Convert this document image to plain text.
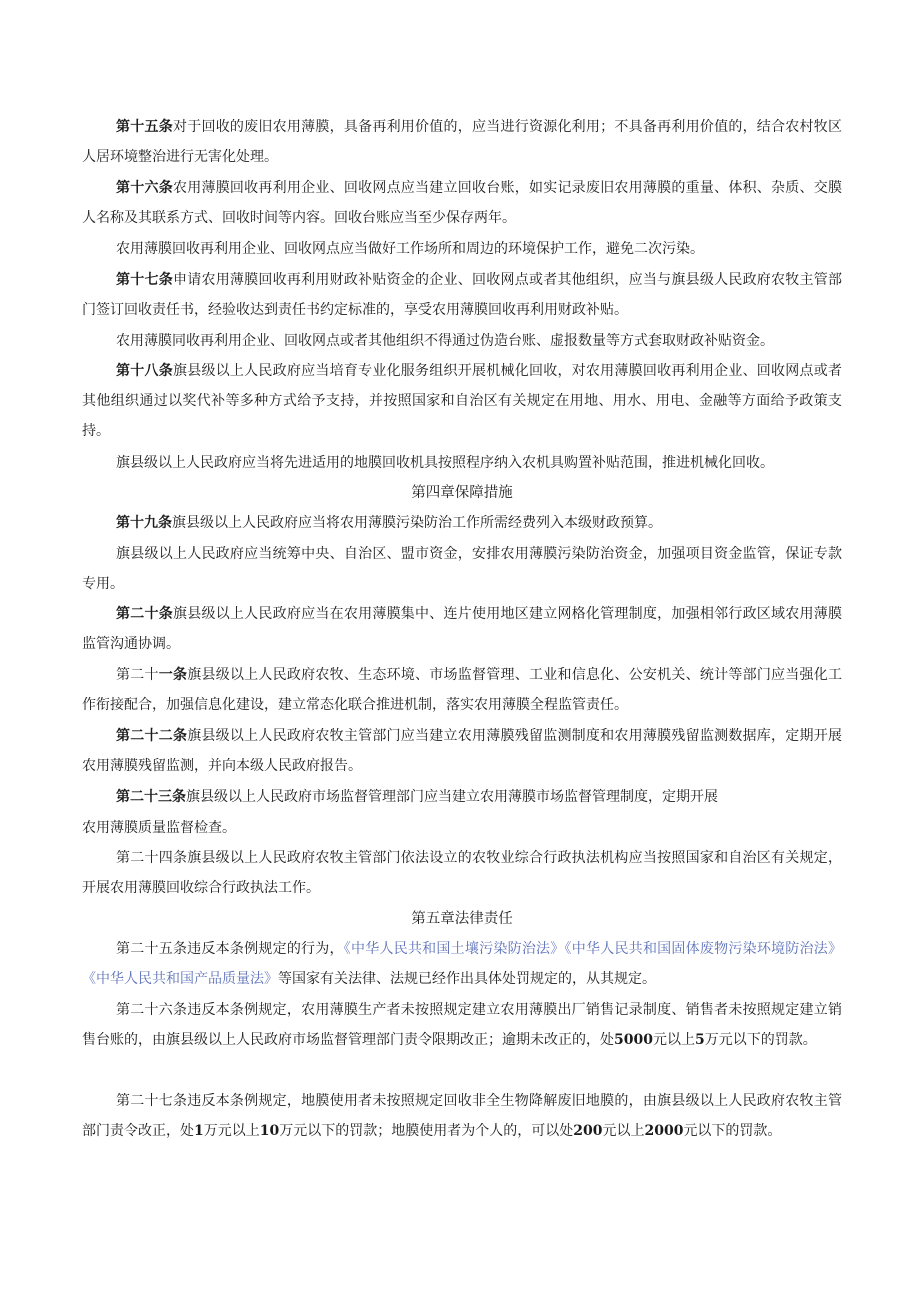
第十五条对于回收的废旧农用薄膜，具备再利用价值的，应当进行资源化利用；不具备再利用价值的，结合农村牧区人居环境整治进行无害化处理。
第十六条农用薄膜回收再利用企业、回收网点应当建立回收台账，如实记录废旧农用薄膜的重量、体积、杂质、交膜人名称及其联系方式、回收时间等内容。回收台账应当至少保存两年。
农用薄膜回收再利用企业、回收网点应当做好工作场所和周边的环境保护工作，避免二次污染。
第十七条申请农用薄膜回收再利用财政补贴资金的企业、回收网点或者其他组织，应当与旗县级人民政府农牧主管部门签订回收责任书，经验收达到责任书约定标准的，享受农用薄膜回收再利用财政补贴。
农用薄膜同收再利用企业、回收网点或者其他组织不得通过伪造台账、虚报数量等方式套取财政补贴资金。
第十八条旗县级以上人民政府应当培育专业化服务组织开展机械化回收，对农用薄膜回收再利用企业、回收网点或者其他组织通过以奖代补等多种方式给予支持，并按照国家和自治区有关规定在用地、用水、用电、金融等方面给予政策支持。
旗县级以上人民政府应当将先进适用的地膜回收机具按照程序纳入农机具购置补贴范围，推进机械化回收。
第四章保障措施
第十九条旗县级以上人民政府应当将农用薄膜污染防治工作所需经费列入本级财政预算。
旗县级以上人民政府应当统筹中央、自治区、盟市资金，安排农用薄膜污染防治资金，加强项目资金监管，保证专款专用。
第二十条旗县级以上人民政府应当在农用薄膜集中、连片使用地区建立网格化管理制度，加强相邻行政区域农用薄膜监管沟通协调。
第二十一条旗县级以上人民政府农牧、生态环境、市场监督管理、工业和信息化、公安机关、统计等部门应当强化工作衔接配合，加强信息化建设，建立常态化联合推进机制，落实农用薄膜全程监管责任。
第二十二条旗县级以上人民政府农牧主管部门应当建立农用薄膜残留监测制度和农用薄膜残留监测数据库，定期开展农用薄膜残留监测，并向本级人民政府报告。
第二十三条旗县级以上人民政府市场监督管理部门应当建立农用薄膜市场监督管理制度，定期开展
农用薄膜质量监督检查。
第二十四条旗县级以上人民政府农牧主管部门依法设立的农牧业综合行政执法机构应当按照国家和自治区有关规定，开展农用薄膜回收综合行政执法工作。
第五章法律责任
第二十五条违反本条例规定的行为，《中华人民共和国土壤污染防治法》《中华人民共和国固体废物污染环境防治法》《中华人民共和国产品质量法》等国家有关法律、法规已经作出具体处罚规定的，从其规定。
第二十六条违反本条例规定，农用薄膜生产者未按照规定建立农用薄膜出厂销售记录制度、销售者未按照规定建立销售台账的，由旗县级以上人民政府市场监督管理部门责令限期改正；逾期未改正的，处5000元以上5万元以下的罚款。
第二十七条违反本条例规定，地膜使用者未按照规定回收非全生物降解废旧地膜的，由旗县级以上人民政府农牧主管部门责令改正，处1万元以上10万元以下的罚款；地膜使用者为个人的，可以处200元以上2000元以下的罚款。
